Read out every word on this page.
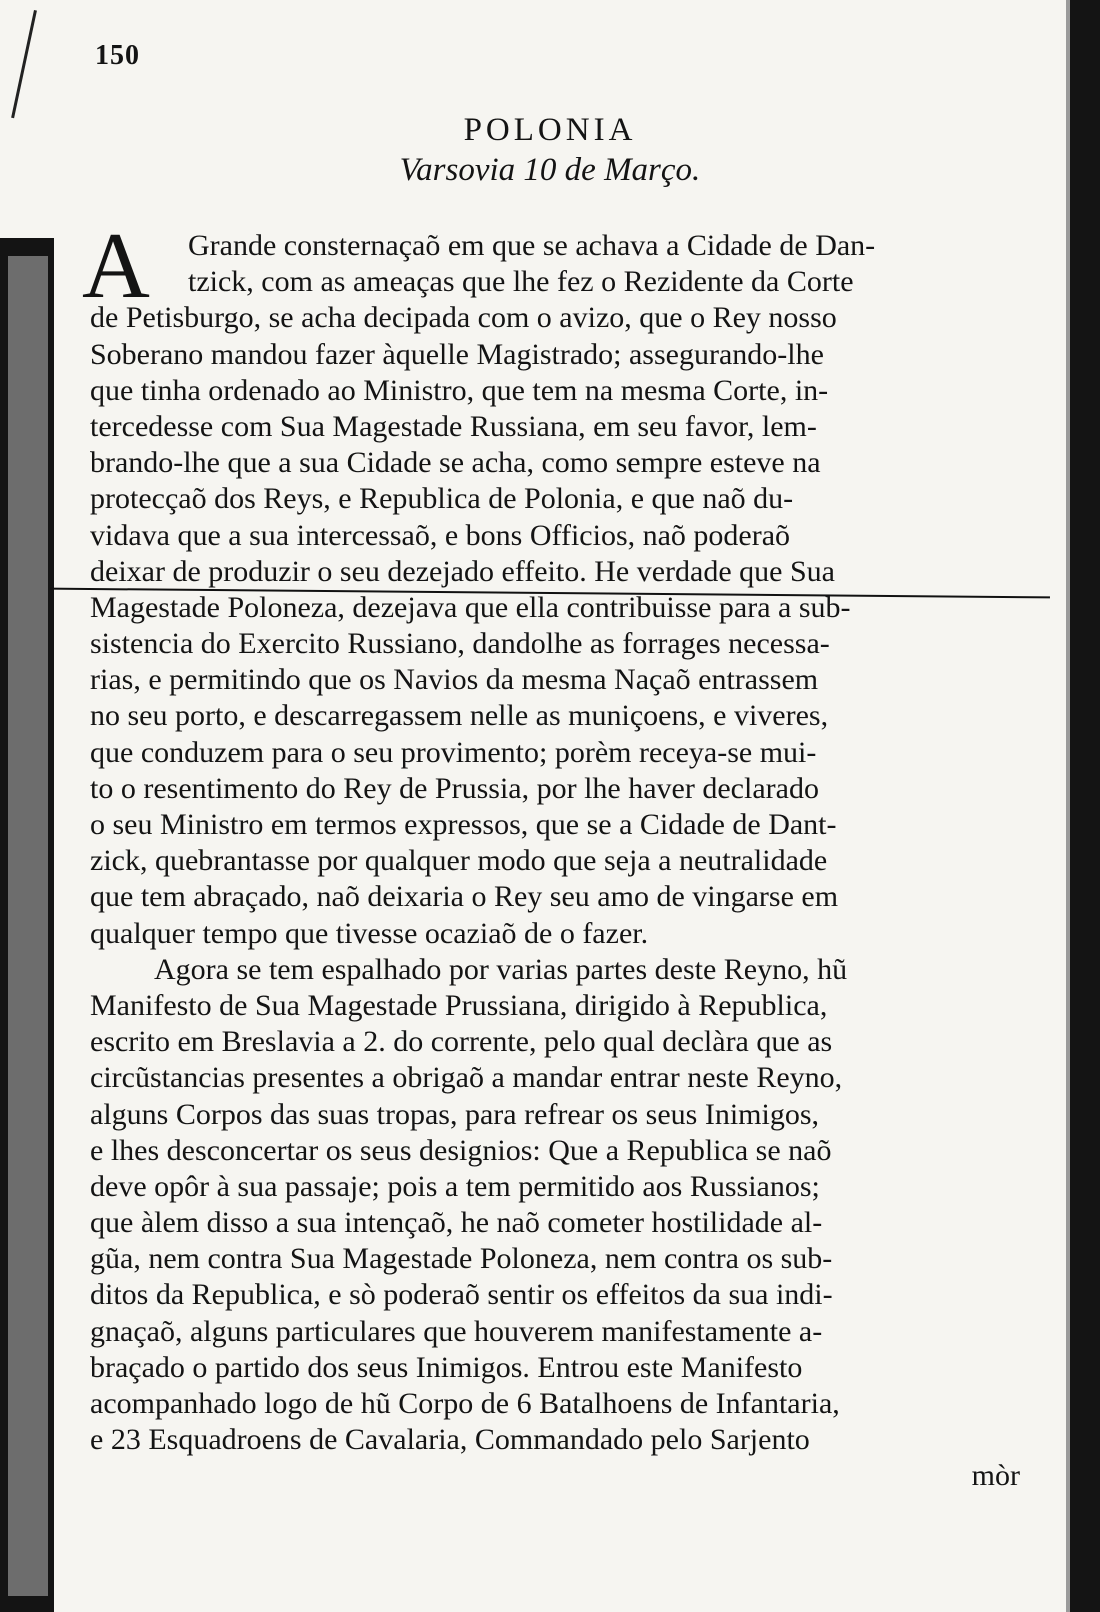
150
POLONIA
Varsovia 10 de Março.
A	Grande consternaçaõ em que se achava a Cidade de Dan-
tzick, com as ameaças que lhe fez o Rezidente da Corte
de Petisburgo, se acha decipada com o avizo, que o Rey nosso
Soberano mandou fazer àquelle Magistrado; assegurando-lhe
que tinha ordenado ao Ministro, que tem na mesma Corte, in-
tercedesse com Sua Magestade Russiana, em seu favor, lem-
brando-lhe que a sua Cidade se acha, como sempre esteve na
protecçaõ dos Reys, e Republica de Polonia, e que naõ du-
vidava que a sua intercessaõ, e bons Officios, naõ poderaõ
deixar de produzir o seu dezejado effeito. He verdade que Sua
Magestade Poloneza, dezejava que ella contribuisse para a sub-
sistencia do Exercito Russiano, dandolhe as forrages necessa-
rias, e permitindo que os Navios da mesma Naçaõ entrassem
no seu porto, e descarregassem nelle as muniçoens, e viveres,
que conduzem para o seu provimento; porèm receya-se mui-
to o resentimento do Rey de Prussia, por lhe haver declarado
o seu Ministro em termos expressos, que se a Cidade de Dant-
zick, quebrantasse por qualquer modo que seja a neutralidade
que tem abraçado, naõ deixaria o Rey seu amo de vingarse em
qualquer tempo que tivesse ocaziaõ de o fazer.
Agora se tem espalhado por varias partes deste Reyno, hũ
Manifesto de Sua Magestade Prussiana, dirigido à Republica,
escrito em Breslavia a 2. do corrente, pelo qual declàra que as
circũstancias presentes a obrigaõ a mandar entrar neste Reyno,
alguns Corpos das suas tropas, para refrear os seus Inimigos,
e lhes desconcertar os seus designios: Que a Republica se naõ
deve opôr à sua passaje; pois a tem permitido aos Russianos;
que àlem disso a sua intençaõ, he naõ cometer hostilidade al-
gũa, nem contra Sua Magestade Poloneza, nem contra os sub-
ditos da Republica, e sò poderaõ sentir os effeitos da sua indi-
gnaçaõ, alguns particulares que houverem manifestamente a-
braçado o partido dos seus Inimigos. Entrou este Manifesto
acompanhado logo de hũ Corpo de 6 Batalhoens de Infantaria,
e 23 Esquadroens de Cavalaria, Commandado pelo Sarjento
mòr
